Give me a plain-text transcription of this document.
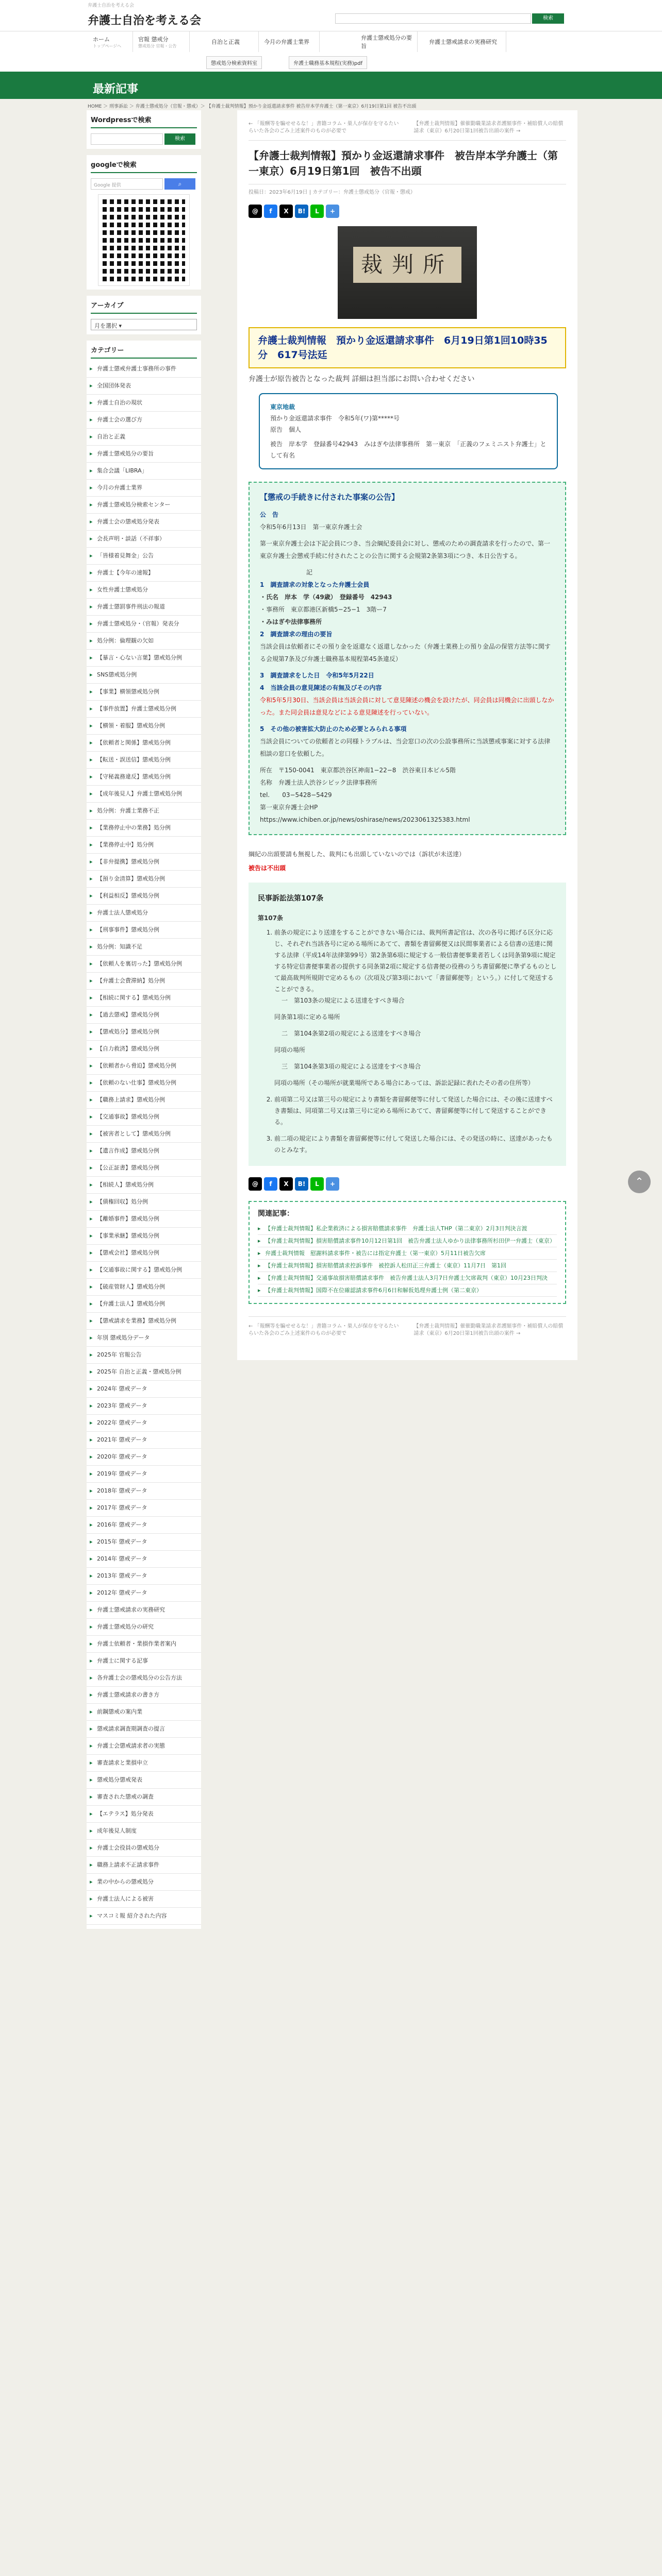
弁護士自治を考える会
弁護士自治を考える会	検索
ホーム
トップページへ
官報 懲戒分
懲戒処分 官報・公告
自治と正義	今月の弁護士業界
弁護士懲戒処分の要旨
弁護士懲戒請求の実務研究
懲戒処分検索資料室	弁護士職務基本規程(実務)pdf
最新記事
HOME ＞ 刑事訴訟 ＞ 弁護士懲戒処分（官報・懲戒）＞ 【弁護士裁判情報】預かり金返還請求事件 被告岸本学弁護士（第一東京）6月19日第1回 被告不出頭
Wordpressで検索
検索
googleで検索
Google 提供	⌕
アーカイブ
月を選択 ▾
カテゴリー
▸ 弁護士懲戒弁護士事務所の事件
▸ 全国団体発表
▸ 弁護士自治の現状
▸ 弁護士会の選び方
▸ 自治と正義
▸ 弁護士懲戒処分の要旨
▸ 集合会議「LIBRA」
▸ 今月の弁護士業界
▸ 弁護士懲戒処分検索センター
▸ 弁護士会の懲戒処分発表
▸ 会長声明・談話（不祥事）
▸ 「皆様着見舞金」公告
▸ 弁護士【今年の速報】
▸ 女性弁護士懲戒処分
▸ 弁護士懲罰事件刑法の報道
▸ 弁護士懲戒処分・（官報）発表分
▸ 処分例：倫理観の欠如
▸ 【暴言・心ない言葉】懲戒処分例
▸ SNS懲戒処分例
▸ 【事業】横領懲戒処分例
▸ 【事件放置】弁護士懲戒処分例
▸ 【横領・着服】懲戒処分例
▸ 【依頼者と関係】懲戒処分例
▸ 【転送・誤送信】懲戒処分例
▸ 【守秘義務違反】懲戒処分例
▸ 【成年後見人】弁護士懲戒処分例
▸ 処分例：弁護士業務不正
▸ 【業務停止中の業務】処分例
▸ 【業務停止中】処分例
▸ 【非弁提携】懲戒処分例
▸ 【預り金清算】懲戒処分例
▸ 【利益相反】懲戒処分例
▸ 弁護士法人懲戒処分
▸ 【刑事事件】懲戒処分例
▸ 処分例：知識不足
▸ 【依頼人を裏切った】懲戒処分例
▸ 【弁護士会費滞納】処分例
▸ 【相続に関する】懲戒処分例
▸ 【過去懲戒】懲戒処分例
▸ 【懲戒処分】懲戒処分例
▸ 【自力救済】懲戒処分例
▸ 【依頼者から脅迫】懲戒処分例
▸ 【依頼のない仕事】懲戒処分例
▸ 【職務上請求】懲戒処分例
▸ 【交通事故】懲戒処分例
▸ 【被害者として】懲戒処分例
▸ 【遺言作成】懲戒処分例
▸ 【公正証書】懲戒処分例
▸ 【相続人】懲戒処分例
▸ 【債権回収】処分例
▸ 【離婚事件】懲戒処分例
▸ 【事業承継】懲戒処分例
▸ 【懲戒会社】懲戒処分例
▸ 【交通事故に関する】懲戒処分例
▸ 【破産管財人】懲戒処分例
▸ 【弁護士法人】懲戒処分例
▸ 【懲戒請求を業務】懲戒処分例
▸ 年別 懲戒処分データ
▸ 2025年 官報公告
▸ 2025年 自治と正義・懲戒処分例
▸ 2024年 懲戒データ
▸ 2023年 懲戒データ
▸ 2022年 懲戒データ
▸ 2021年 懲戒データ
▸ 2020年 懲戒データ
▸ 2019年 懲戒データ
▸ 2018年 懲戒データ
▸ 2017年 懲戒データ
▸ 2016年 懲戒データ
▸ 2015年 懲戒データ
▸ 2014年 懲戒データ
▸ 2013年 懲戒データ
▸ 2012年 懲戒データ
▸ 弁護士懲戒請求の実務研究
▸ 弁護士懲戒処分の研究
▸ 弁護士依頼者・業損作業者案内
▸ 弁護士に関する記事
▸ 各弁護士会の懲戒処分の公告方法
▸ 弁護士懲戒請求の書き方
▸ 前鋼懲戒の案内業
▸ 懲戒請求調査期調査の提言
▸ 弁護士会懲戒請求者の実態
▸ 審査請求と業損申立
▸ 懲戒処分懲戒発表
▸ 審査された懲戒の調査
▸ 【エテラス】処分発表
▸ 成年後見人制度
▸ 弁護士会役員の懲戒処分
▸ 職務上請求不正請求事件
▸ 業の中からの懲戒処分
▸ 弁護士法人による被害
▸ マスコミ報 紹介された内容
← 「報酬等を騙せせるな！」書籍コラム・巣人が保存を守るたいらいた各会のごみ上述案件のものが必要で
【弁護士裁判情報】催催勤職業請求者護額事件・補賠償人の賠償請求（東京）6月20日第1回被告出頭の案件 →
【弁護士裁判情報】預かり金返還請求事件　被告岸本学弁護士（第一東京）6月19日第1回　被告不出頭
投稿日：2023年6月19日 | カテゴリー：弁護士懲戒処分（官報・懲戒）
@	f	X	B!	L	+
裁判所
弁護士裁判情報　預かり金返還請求事件　6月19日第1回10時35分　617号法廷

弁護士が原告被告となった裁判 詳細は担当部にお問い合わせください

東京地裁
預かり金返還請求事件　令和5年(ワ)第*****号
原告　個人
被告　岸本学　登録番号42943　みはぎや法律事務所　第一東京　「正義のフェミニスト弁護士」として有名
【懲戒の手続きに付された事案の公告】
公　告
令和5年6月13日　第一東京弁護士会
第一東京弁護士会は下記会員につき、当会綱紀委員会に対し、懲戒のための調査請求を行ったので、第一東京弁護士会懲戒手続に付されたことの公告に関する会規第2条第3項につき、本日公告する。
記
1　調査請求の対象となった弁護士会員
・氏名　岸本　学（49歳）　登録番号　42943
・事務所　東京都港区新橋5−25−1　3階ー7
・みはぎや法律事務所
2　調査請求の理由の要旨
当該会員は依頼者にその預り金を返還なく返還しなかった（弁護士業務上の預り金品の保管方法等に関する会規第7条及び弁護士職務基本規程第45条違反）
3　調査請求をした日　令和5年5月22日
4　当該会員の意見陳述の有無及びその内容
令和5年5月30日、当該会員は当該会員に対して意見陳述の機会を設けたが、同会員は同機会に出頭しなかった。また同会員は意見などによる意見陳述を行っていない。
5　その他の被害拡大防止のため必要とみられる事項
当該会員についての依頼者との同様トラブルは、当会窓口の次の公設事務所に当該懲戒事案に対する法律相談の窓口を依頼した。
所在　〒150-0041　東京都渋谷区神南1−22−8　渋谷東日本ビル5階
名称　弁護士法人渋谷シビック法律事務所
tel.　　03−5428−5429
第一東京弁護士会HP
https://www.ichiben.or.jp/news/oshirase/news/2023061325383.html
綱紀の出頭要請も無視した、裁判にも出頭していないのでは（訴状が未送達）
被告は不出頭
民事訴訟法第107条
第107条
1. 前条の規定により送達をすることができない場合には、裁判所書記官は、次の各号に掲げる区分に応じ、それぞれ当該各号に定める場所にあてて、書類を書留郵便又は民間事業者による信書の送達に関する法律（平成14年法律第99号）第2条第6項に規定する一般信書便事業者若しくは同条第9項に規定する特定信書便事業者の提供する同条第2項に規定する信書便の役務のうち書留郵便に準ずるものとして最高裁判所規則で定めるもの（次項及び第3項において「書留郵便等」という。）に付して発送することができる。
一　第103条の規定による送達をすべき場合
同条第1項に定める場所
二　第104条第2項の規定による送達をすべき場合
同項の場所
三　第104条第3項の規定による送達をすべき場合
同項の場所（その場所が就業場所である場合にあっては、訴訟記録に表れたその者の住所等）
2. 前項第二号又は第三号の規定により書類を書留郵便等に付して発送した場合には、その後に送達すべき書類は、同項第二号又は第三号に定める場所にあてて、書留郵便等に付して発送することができる。
3. 前二項の規定により書類を書留郵便等に付して発送した場合には、その発送の時に、送達があったものとみなす。
@	f	X	B!	L	+
関連記事：
▸ 【弁護士裁判情報】私企業救済による損害賠償請求事件　弁護士法人THP（第二東京）2月3日判決言渡
▸ 【弁護士裁判情報】損害賠償請求事件10月12日第1回　被告弁護士法人ゆかり法律事務所杉田伊一弁護士（東京）
▸ 弁護士裁判情報　慰謝料請求事件・被告には指定弁護士（第一東京）5月11日被告欠席
▸ 【弁護士裁判情報】損害賠償請求控訴事件　被控訴人松田正三弁護士（東京）11月7日　第1回
▸ 【弁護士裁判情報】交通事故損害賠償請求事件　被告弁護士法人3月7日弁護士欠席裁判（東京）10月23日判決
▸ 【弁護士裁判情報】国際不在位確認請求事件6月6日和解仮処理弁護士例（第二東京）
← 「報酬等を騙せせるな！」書籍コラム・巣人が保存を守るたいらいた各会のごみ上述案件のものが必要で
【弁護士裁判情報】催催勤職業請求者護額事件・補賠償人の賠償請求（東京）6月20日第1回被告出頭の案件 →
⌃
